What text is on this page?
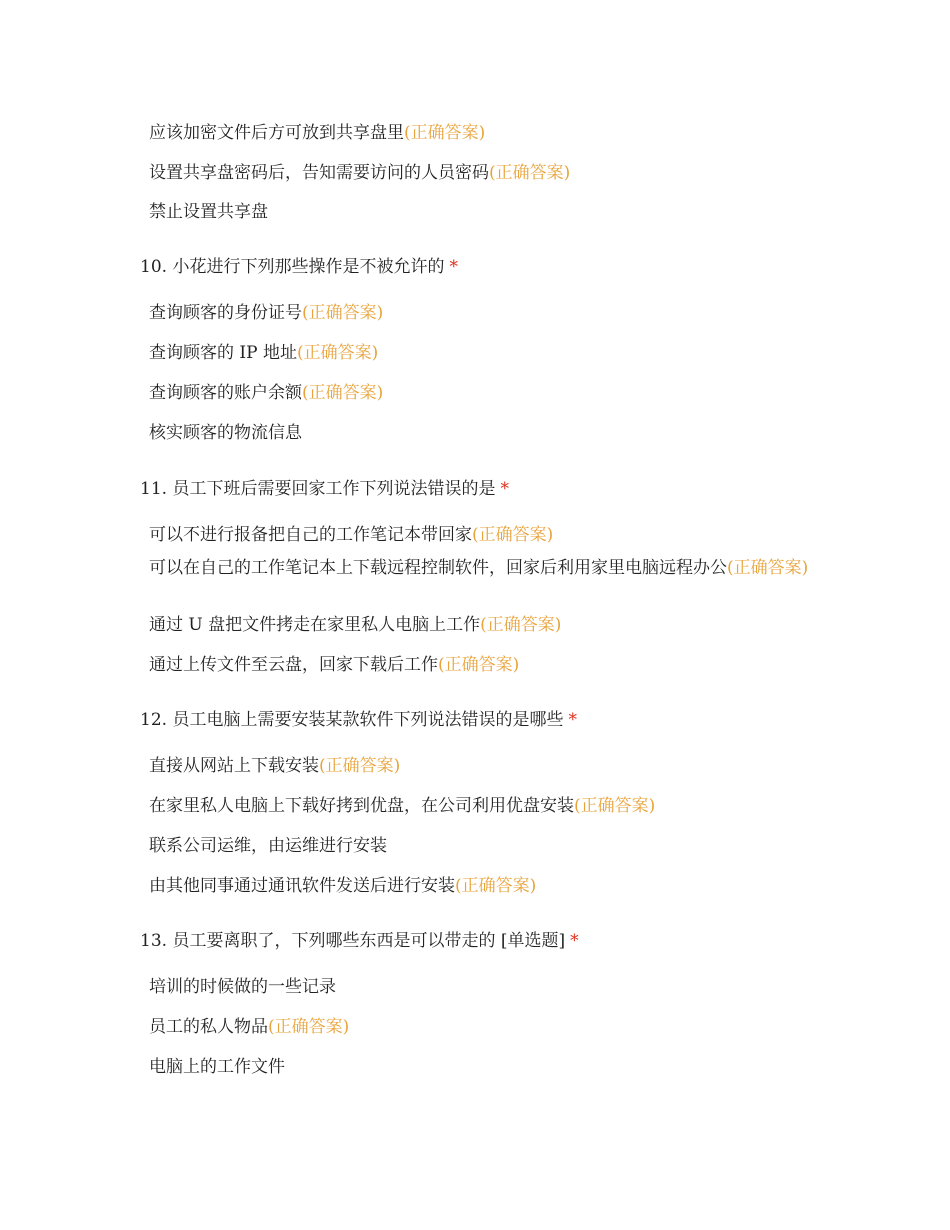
应该加密文件后方可放到共享盘里(正确答案)
设置共享盘密码后，告知需要访问的人员密码(正确答案)
禁止设置共享盘
10. 小花进行下列那些操作是不被允许的 *
查询顾客的身份证号(正确答案)
查询顾客的 IP 地址(正确答案)
查询顾客的账户余额(正确答案)
核实顾客的物流信息
11. 员工下班后需要回家工作下列说法错误的是 *
可以不进行报备把自己的工作笔记本带回家(正确答案)
可以在自己的工作笔记本上下载远程控制软件，回家后利用家里电脑远程办公(正确答案)
通过 U 盘把文件拷走在家里私人电脑上工作(正确答案)
通过上传文件至云盘，回家下载后工作(正确答案)
12. 员工电脑上需要安装某款软件下列说法错误的是哪些 *
直接从网站上下载安装(正确答案)
在家里私人电脑上下载好拷到优盘，在公司利用优盘安装(正确答案)
联系公司运维，由运维进行安装
由其他同事通过通讯软件发送后进行安装(正确答案)
13. 员工要离职了，下列哪些东西是可以带走的 [单选题] *
培训的时候做的一些记录
员工的私人物品(正确答案)
电脑上的工作文件
